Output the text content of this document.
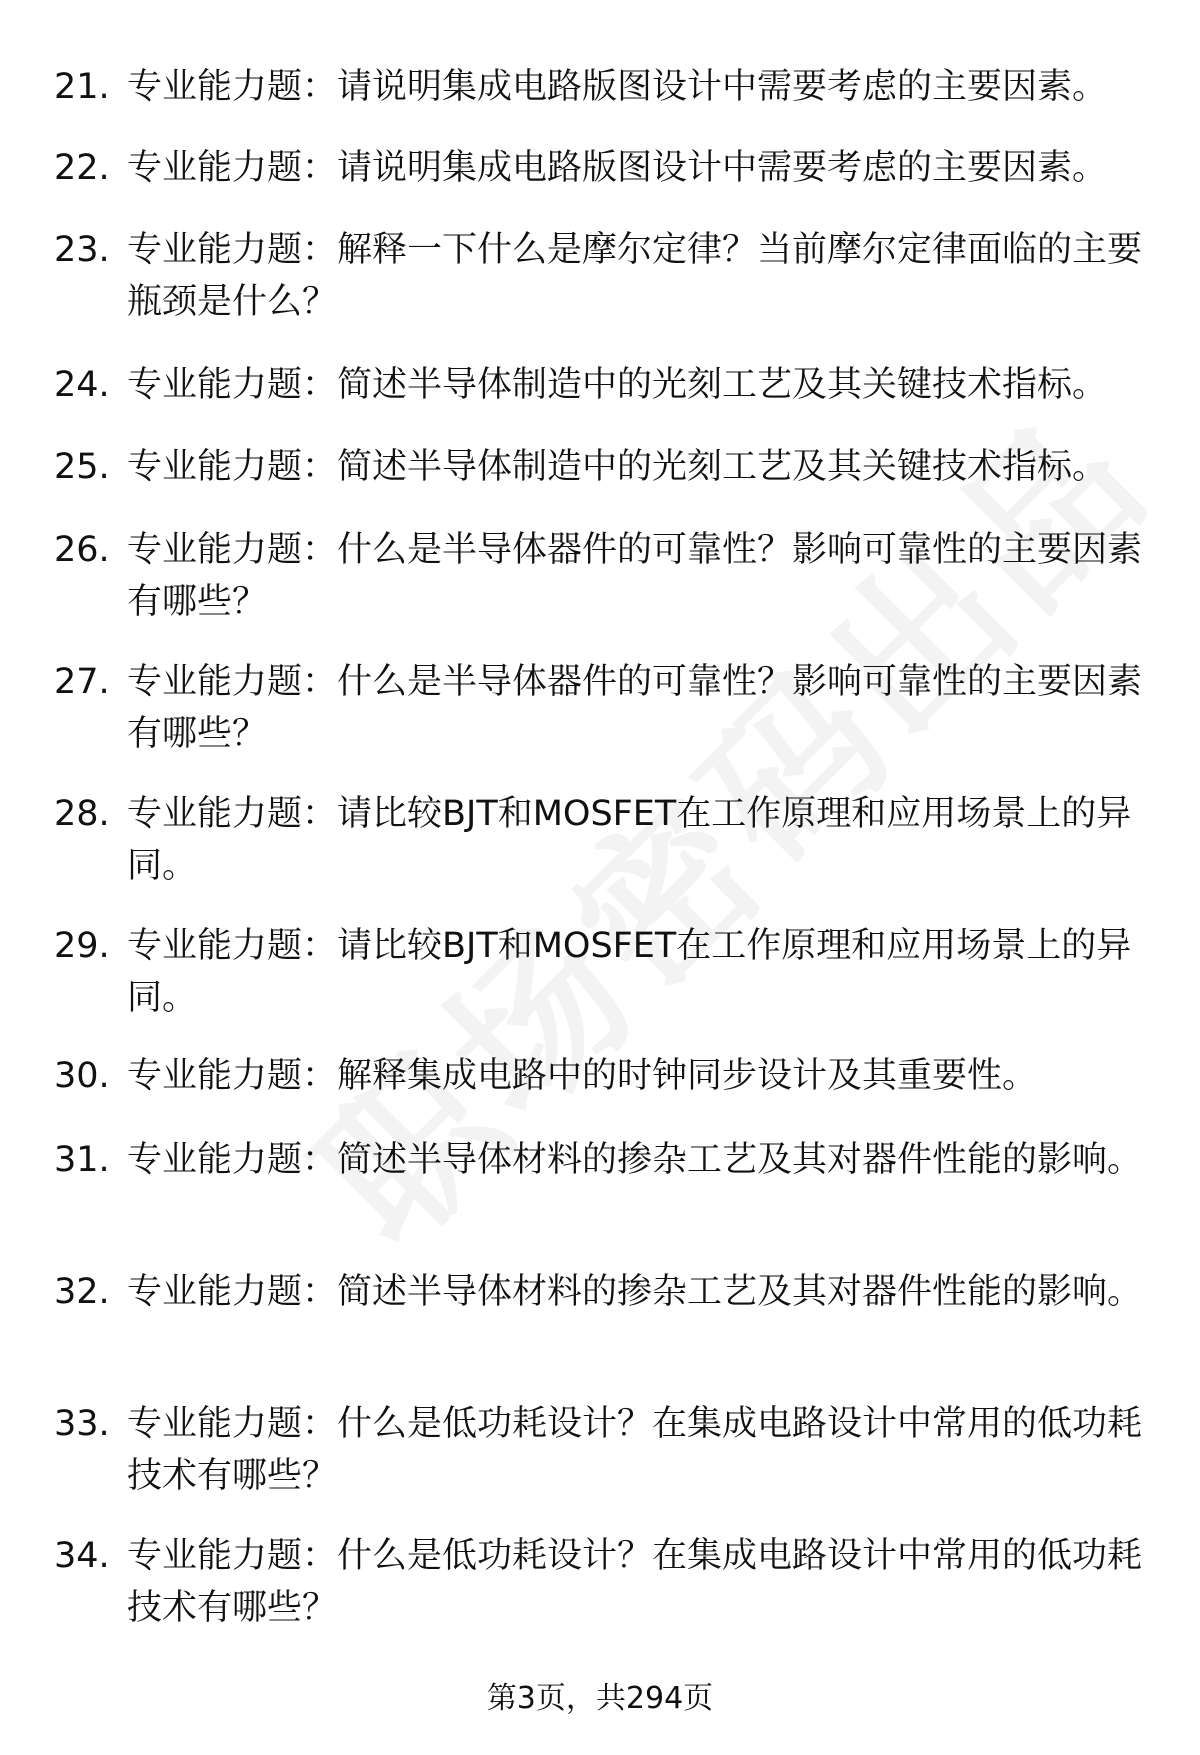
21. 专业能力题：请说明集成电路版图设计中需要考虑的主要因素。
22. 专业能力题：请说明集成电路版图设计中需要考虑的主要因素。
23. 专业能力题：解释一下什么是摩尔定律？当前摩尔定律面临的主要瓶颈是什么？
24. 专业能力题：简述半导体制造中的光刻工艺及其关键技术指标。
25. 专业能力题：简述半导体制造中的光刻工艺及其关键技术指标。
26. 专业能力题：什么是半导体器件的可靠性？影响可靠性的主要因素有哪些？
27. 专业能力题：什么是半导体器件的可靠性？影响可靠性的主要因素有哪些？
28. 专业能力题：请比较BJT和MOSFET在工作原理和应用场景上的异同。
29. 专业能力题：请比较BJT和MOSFET在工作原理和应用场景上的异同。
30. 专业能力题：解释集成电路中的时钟同步设计及其重要性。
31. 专业能力题：简述半导体材料的掺杂工艺及其对器件性能的影响。
32. 专业能力题：简述半导体材料的掺杂工艺及其对器件性能的影响。
33. 专业能力题：什么是低功耗设计？在集成电路设计中常用的低功耗技术有哪些？
34. 专业能力题：什么是低功耗设计？在集成电路设计中常用的低功耗技术有哪些？
第3页，共294页
